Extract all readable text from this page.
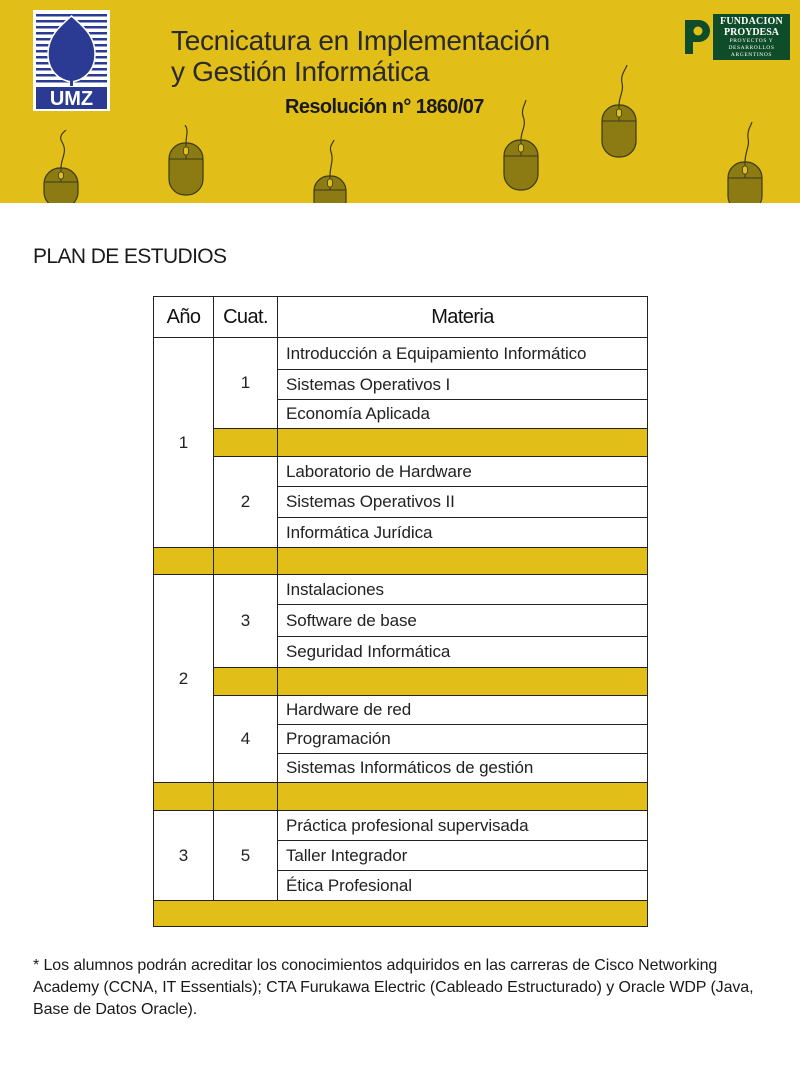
UMZ
Tecnicatura en Implementación
y Gestión Informática
Resolución n° 1860/07
FUNDACION
PROYDESA
PROYECTOS Y
DESARROLLOS
ARGENTINOS
PLAN DE ESTUDIOS
Año	Cuat.	Materia
1	1	Introducción a Equipamiento Informático
		Sistemas Operativos I
		Economía Aplicada

	2	Laboratorio de Hardware
		Sistemas Operativos II
		Informática Jurídica

2	3	Instalaciones
		Software de base
		Seguridad Informática

	4	Hardware de red
		Programación
		Sistemas Informáticos de gestión

3	5	Práctica profesional supervisada
		Taller Integrador
		Ética Profesional

* Los alumnos podrán acreditar los conocimientos adquiridos en las carreras de Cisco Networking Academy (CCNA, IT Essentials); CTA Furukawa Electric (Cableado Estructurado) y Oracle WDP (Java, Base de Datos Oracle).
